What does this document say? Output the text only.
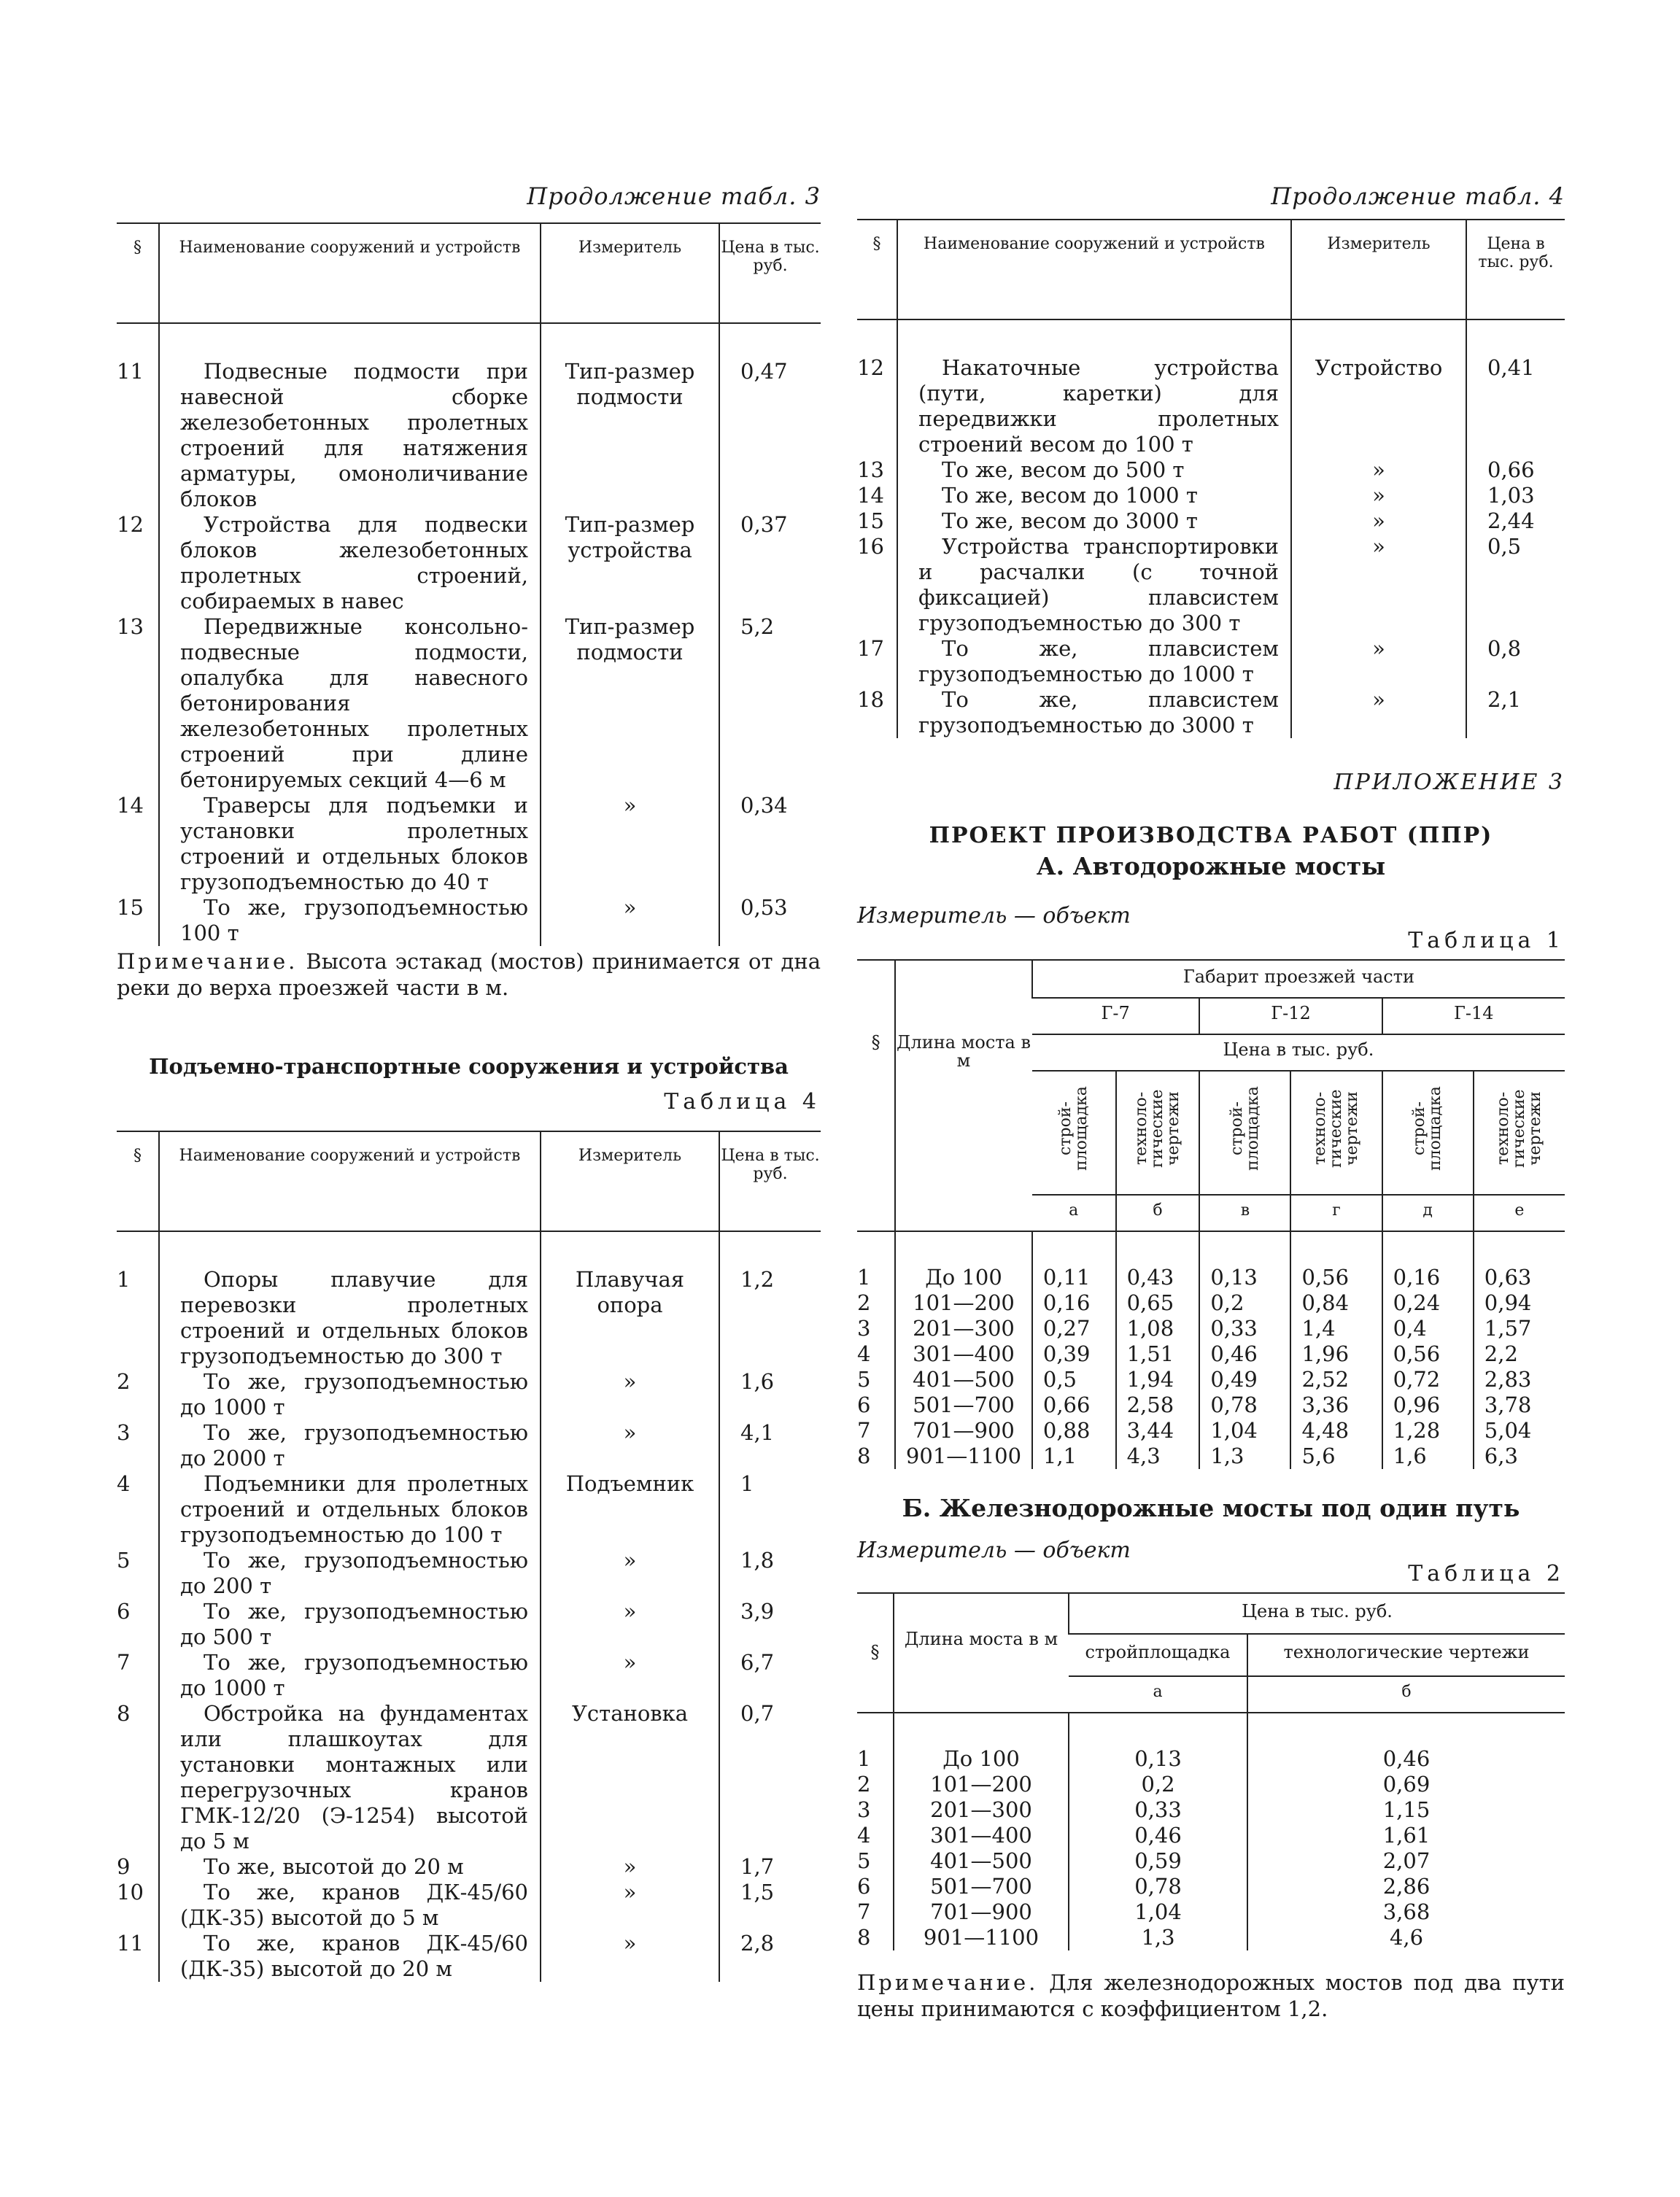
Продолжение табл. 3
§	Наименование сооружений и устройств	Измеритель	Цена в тыс. руб.
11	Подвесные подмости при навесной сборке железобетонных пролетных строений для натяжения арматуры, омоноличивание блоков	Тип-размер подмости	0,47
12	Устройства для подвески блоков железобетонных пролетных строений, собираемых в навес	Тип-размер устройства	0,37
13	Передвижные консольно-подвесные подмости, опалубка для навесного бетонирования железобетонных пролетных строений при длине бетонируемых секций 4—6 м	Тип-размер подмости	5,2
14	Траверсы для подъемки и установки пролетных строений и отдельных блоков грузоподъемностью до 40 т	»	0,34
15	То же, грузоподъемностью 100 т	»	0,53
Примечание. Высота эстакад (мостов) принимается от дна реки до верха проезжей части в м.
Подъемно-транспортные сооружения и устройства
Таблица 4
§	Наименование сооружений и устройств	Измеритель	Цена в тыс. руб.
1	Опоры плавучие для перевозки пролетных строений и отдельных блоков грузоподъемностью до 300 т	Плавучая опора	1,2
2	То же, грузоподъемностью до 1000 т	»	1,6
3	То же, грузоподъемностью до 2000 т	»	4,1
4	Подъемники для пролетных строений и отдельных блоков грузоподъемностью до 100 т	Подъемник	1
5	То же, грузоподъемностью до 200 т	»	1,8
6	То же, грузоподъемностью до 500 т	»	3,9
7	То же, грузоподъемностью до 1000 т	»	6,7
8	Обстройка на фундаментах или плашкоутах для установки монтажных или перегрузочных кранов ГМК-12/20 (Э-1254) высотой до 5 м	Установка	0,7
9	То же, высотой до 20 м	»	1,7
10	То же, кранов ДК-45/60 (ДК-35) высотой до 5 м	»	1,5
11	То же, кранов ДК-45/60 (ДК-35) высотой до 20 м	»	2,8
Продолжение табл. 4
§	Наименование сооружений и устройств	Измеритель	Цена в тыс. руб.
12	Накаточные устройства (пути, каретки) для передвижки пролетных строений весом до 100 т	Устройство	0,41
13	То же, весом до 500 т	»	0,66
14	То же, весом до 1000 т	»	1,03
15	То же, весом до 3000 т	»	2,44
16	Устройства транспортировки и расчалки (с точной фиксацией) плавсистем грузоподъемностью до 300 т	»	0,5
17	То же, плавсистем грузоподъемностью до 1000 т	»	0,8
18	То же, плавсистем грузоподъемностью до 3000 т	»	2,1
ПРИЛОЖЕНИЕ 3
ПРОЕКТ ПРОИЗВОДСТВА РАБОТ (ППР)
А. Автодорожные мосты
Измеритель — объект
Таблица 1
§	Длина моста в м	Габарит проезжей части					
		Г-7		Г-12		Г-14	
		Цена в тыс. руб.					

		строй-площадка	техноло-гические чертежи	строй-площадка	техноло-гические чертежи	строй-площадка	техноло-гические чертежи

		а	б	в	г	д	е
1	До 100	0,11	0,43	0,13	0,56	0,16	0,63
2	101—200	0,16	0,65	0,2	0,84	0,24	0,94
3	201—300	0,27	1,08	0,33	1,4	0,4	1,57
4	301—400	0,39	1,51	0,46	1,96	0,56	2,2
5	401—500	0,5	1,94	0,49	2,52	0,72	2,83
6	501—700	0,66	2,58	0,78	3,36	0,96	3,78
7	701—900	0,88	3,44	1,04	4,48	1,28	5,04
8	901—1100	1,1	4,3	1,3	5,6	1,6	6,3
Б. Железнодорожные мосты под один путь
Измеритель — объект
Таблица 2
§	Длина моста в м	Цена в тыс. руб.	
		стройплощадка	технологические чертежи
		а	б
1	До 100	0,13	0,46
2	101—200	0,2	0,69
3	201—300	0,33	1,15
4	301—400	0,46	1,61
5	401—500	0,59	2,07
6	501—700	0,78	2,86
7	701—900	1,04	3,68
8	901—1100	1,3	4,6
Примечание. Для железнодорожных мостов под два пути цены принимаются с коэффициентом 1,2.
